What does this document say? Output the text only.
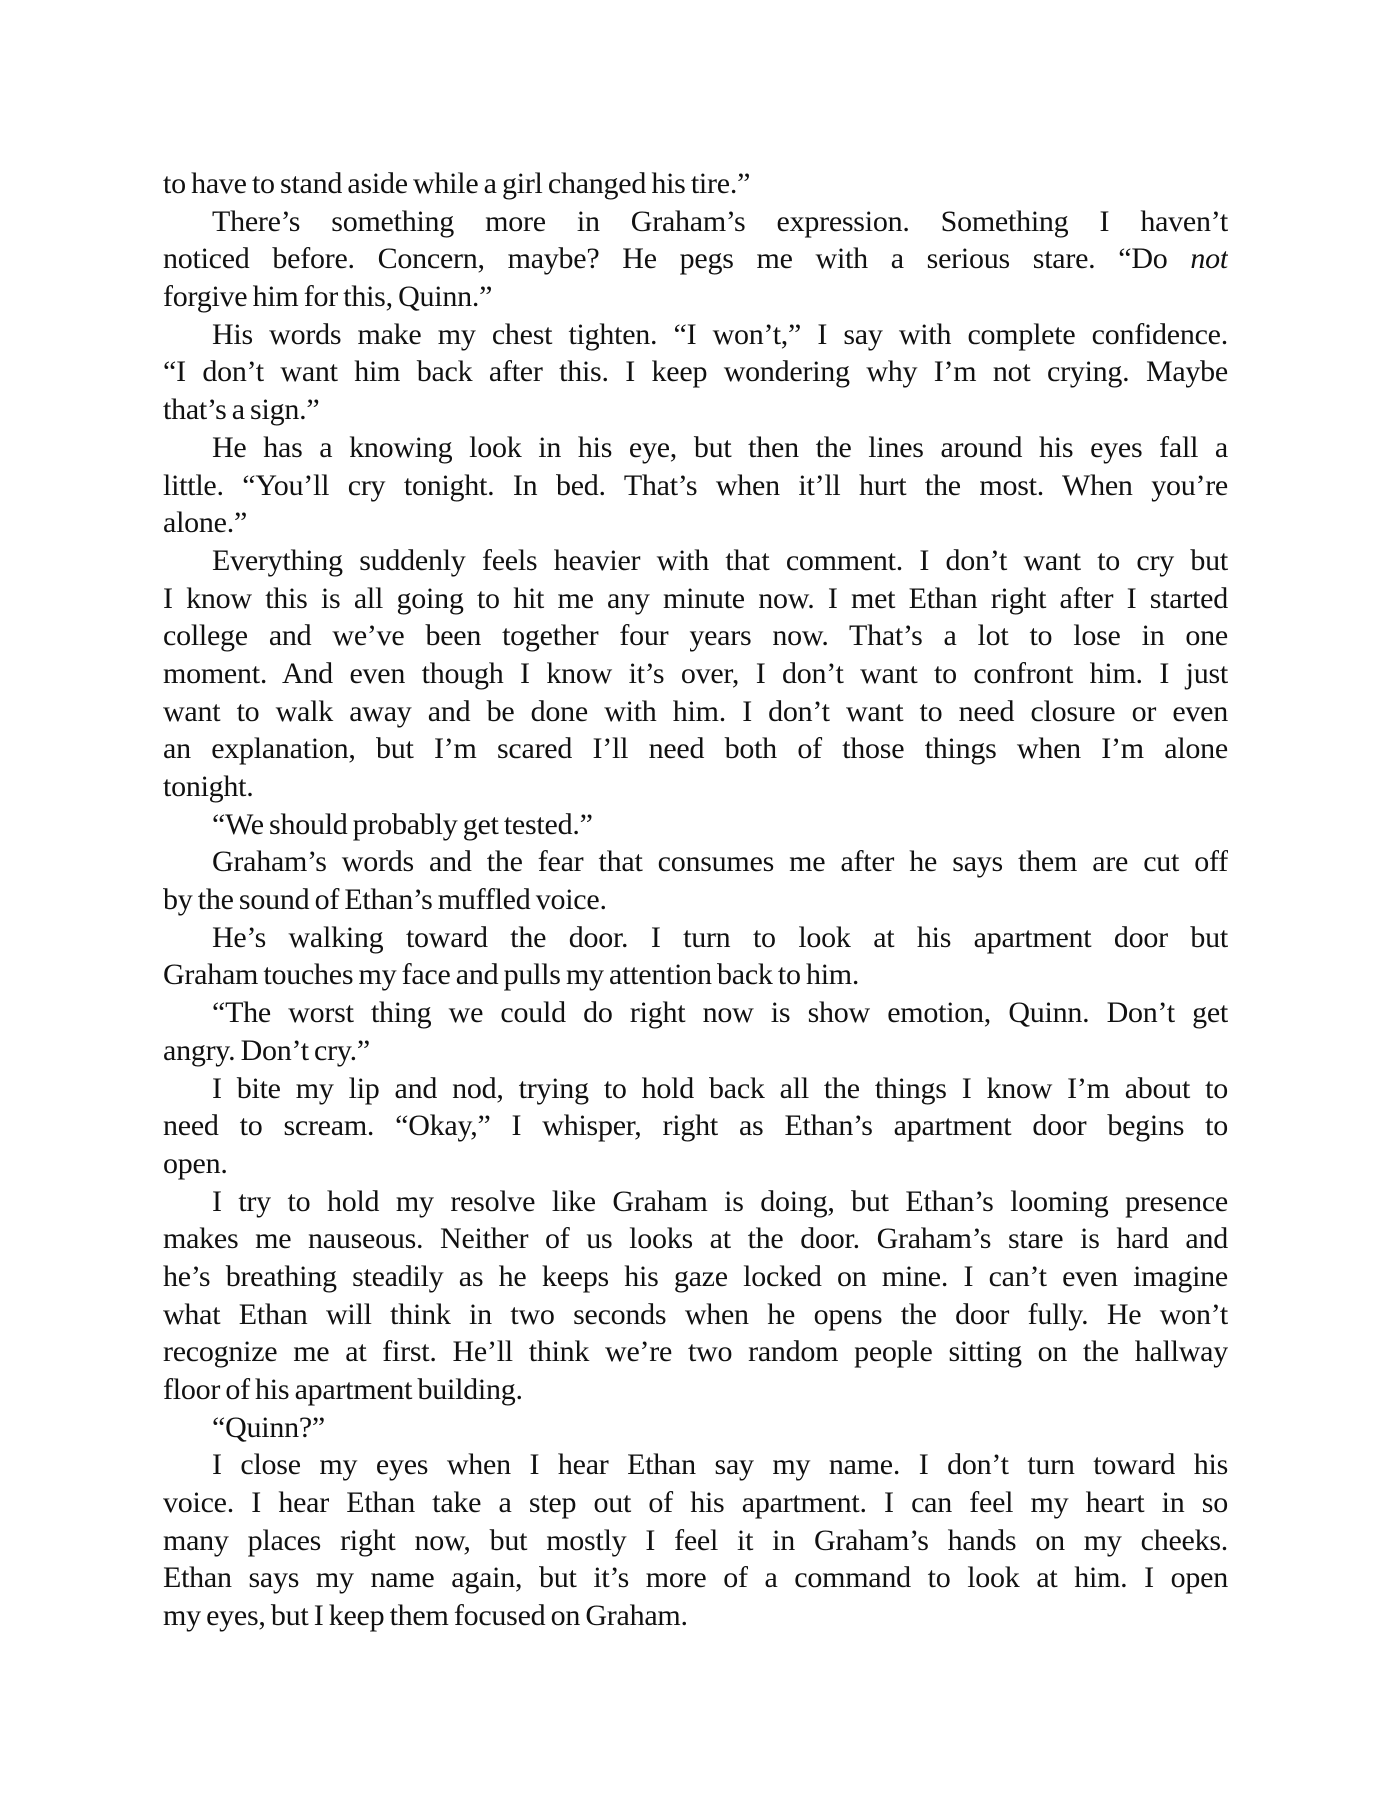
to have to stand aside while a girl changed his tire.”
There’s something more in Graham’s expression. Something I haven’t
noticed before. Concern, maybe? He pegs me with a serious stare. “Do not
forgive him for this, Quinn.”
His words make my chest tighten. “I won’t,” I say with complete confidence.
“I don’t want him back after this. I keep wondering why I’m not crying. Maybe
that’s a sign.”
He has a knowing look in his eye, but then the lines around his eyes fall a
little. “You’ll cry tonight. In bed. That’s when it’ll hurt the most. When you’re
alone.”
Everything suddenly feels heavier with that comment. I don’t want to cry but
I know this is all going to hit me any minute now. I met Ethan right after I started
college and we’ve been together four years now. That’s a lot to lose in one
moment. And even though I know it’s over, I don’t want to confront him. I just
want to walk away and be done with him. I don’t want to need closure or even
an explanation, but I’m scared I’ll need both of those things when I’m alone
tonight.
“We should probably get tested.”
Graham’s words and the fear that consumes me after he says them are cut off
by the sound of Ethan’s muffled voice.
He’s walking toward the door. I turn to look at his apartment door but
Graham touches my face and pulls my attention back to him.
“The worst thing we could do right now is show emotion, Quinn. Don’t get
angry. Don’t cry.”
I bite my lip and nod, trying to hold back all the things I know I’m about to
need to scream. “Okay,” I whisper, right as Ethan’s apartment door begins to
open.
I try to hold my resolve like Graham is doing, but Ethan’s looming presence
makes me nauseous. Neither of us looks at the door. Graham’s stare is hard and
he’s breathing steadily as he keeps his gaze locked on mine. I can’t even imagine
what Ethan will think in two seconds when he opens the door fully. He won’t
recognize me at first. He’ll think we’re two random people sitting on the hallway
floor of his apartment building.
“Quinn?”
I close my eyes when I hear Ethan say my name. I don’t turn toward his
voice. I hear Ethan take a step out of his apartment. I can feel my heart in so
many places right now, but mostly I feel it in Graham’s hands on my cheeks.
Ethan says my name again, but it’s more of a command to look at him. I open
my eyes, but I keep them focused on Graham.
